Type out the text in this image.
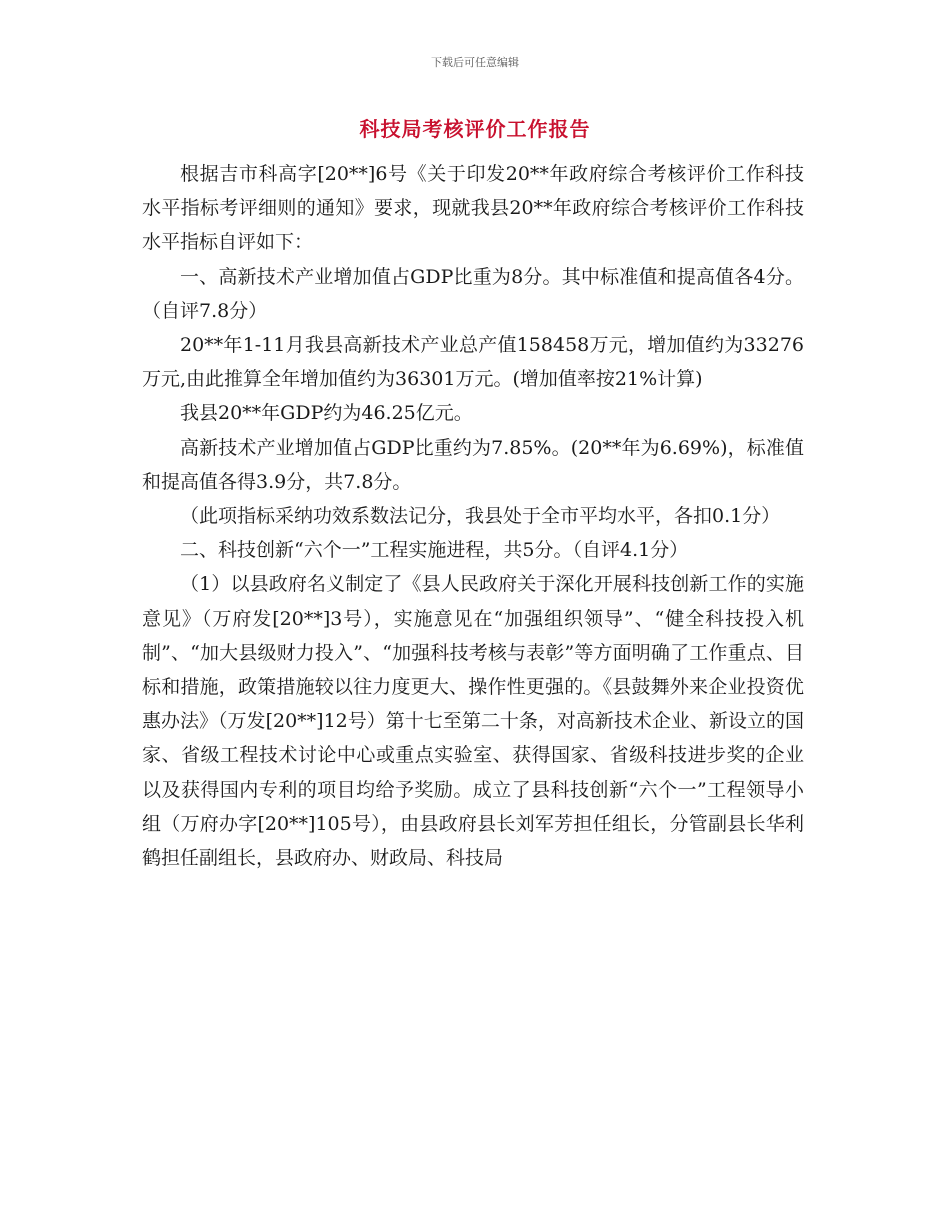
下载后可任意编辑
科技局考核评价工作报告

根据吉市科高字[20**]6号《关于印发20**年政府综合考核评价工作科技水平指标考评细则的通知》要求，现就我县20**年政府综合考核评价工作科技水平指标自评如下：

一、高新技术产业增加值占GDP比重为8分。其中标准值和提高值各4分。（自评7.8分）

20**年1-11月我县高新技术产业总产值158458万元，增加值约为33276万元,由此推算全年增加值约为36301万元。(增加值率按21%计算)

我县20**年GDP约为46.25亿元。

高新技术产业增加值占GDP比重约为7.85%。(20**年为6.69%)，标准值和提高值各得3.9分，共7.8分。

（此项指标采纳功效系数法记分，我县处于全市平均水平，各扣0.1分）

二、科技创新“六个一”工程实施进程，共5分。（自评4.1分）

（1）以县政府名义制定了《县人民政府关于深化开展科技创新工作的实施意见》（万府发[20**]3号），实施意见在“加强组织领导”、“健全科技投入机制”、“加大县级财力投入”、“加强科技考核与表彰”等方面明确了工作重点、目标和措施，政策措施较以往力度更大、操作性更强的。《县鼓舞外来企业投资优惠办法》（万发[20**]12号）第十七至第二十条，对高新技术企业、新设立的国家、省级工程技术讨论中心或重点实验室、获得国家、省级科技进步奖的企业以及获得国内专利的项目均给予奖励。成立了县科技创新“六个一”工程领导小组（万府办字[20**]105号），由县政府县长刘军芳担任组长，分管副县长华利鹤担任副组长，县政府办、财政局、科技局
